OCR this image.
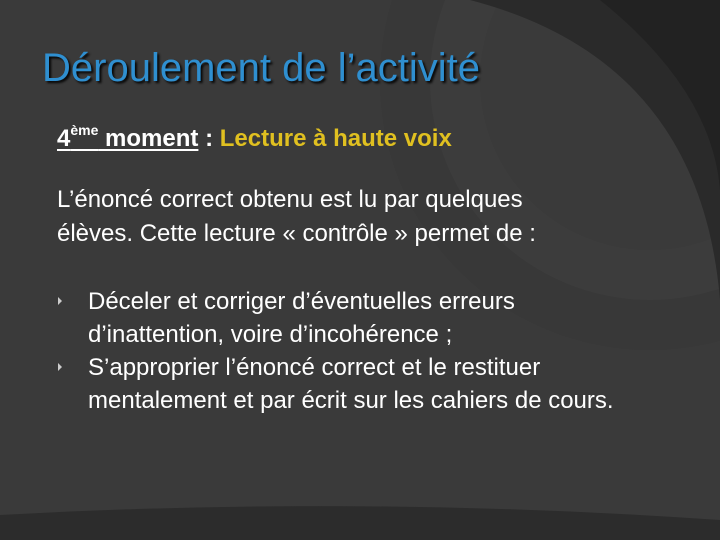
Déroulement de l’activité
4ème moment : Lecture à haute voix

L’énoncé correct obtenu est lu par quelques
élèves. Cette lecture « contrôle » permet de :

Déceler et corriger d’éventuelles erreurs d’inattention, voire d’incohérence ;
S’approprier l’énoncé correct et le restituer mentalement et par écrit sur les cahiers de cours.
